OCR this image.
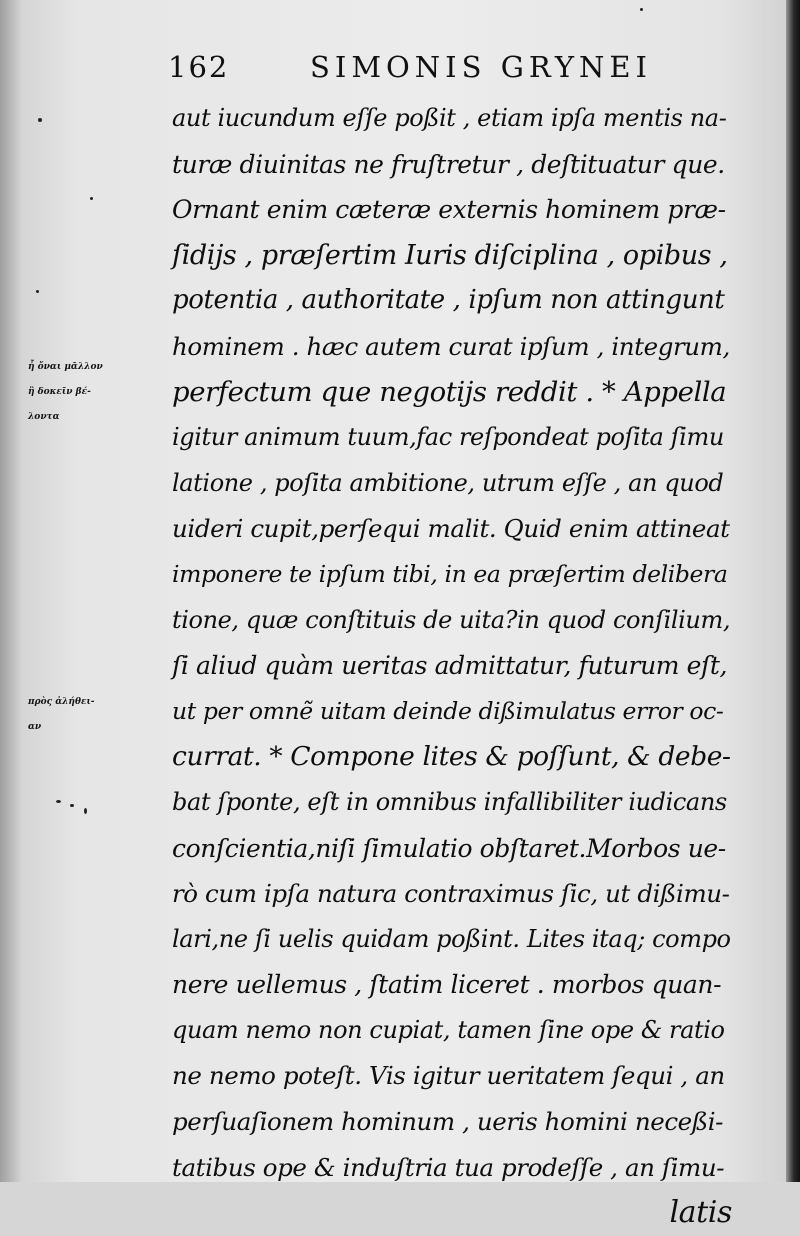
162	SIMONIS GRYNEI
ἦ ὄναι μᾶλλον
ἢ δοκεῖν βέ-
λοντα
πρὸς ἀλήθει-
αν
aut iucundum eſſe poßit , etiam ipſa mentis na-
turæ diuinitas ne fruſtretur , deſtituatur que.
Ornant enim cæteræ externis hominem præ-
ſidijs , præſertim Iuris diſciplina , opibus ,
potentia , authoritate , ipſum non attingunt
hominem . hæc autem curat ipſum , integrum,
perfectum que negotijs reddit . * Appella
igitur animum tuum,fac reſpondeat poſita ſimu
latione , poſita ambitione, utrum eſſe , an quod
uideri cupit,perſequi malit. Quid enim attineat
imponere te ipſum tibi, in ea præſertim delibera
tione, quæ conſtituis de uita?in quod conſilium,
ſi aliud quàm ueritas admittatur, futurum eſt,
ut per omnẽ uitam deinde dißimulatus error oc-
currat. * Compone lites & poſſunt, & debe-
bat ſponte, eſt in omnibus infallibiliter iudicans
conſcientia,niſi ſimulatio obſtaret.Morbos ue-
rò cum ipſa natura contraximus ſic, ut dißimu-
lari,ne ſi uelis quidam poßint. Lites itaq; compo
nere uellemus , ſtatim liceret . morbos quan-
quam nemo non cupiat, tamen ſine ope & ratio
ne nemo poteſt. Vis igitur ueritatem ſequi , an
perſuaſionem hominum , ueris homini neceßi-
tatibus ope & induſtria tua prodeſſe , an ſimu-
latis
